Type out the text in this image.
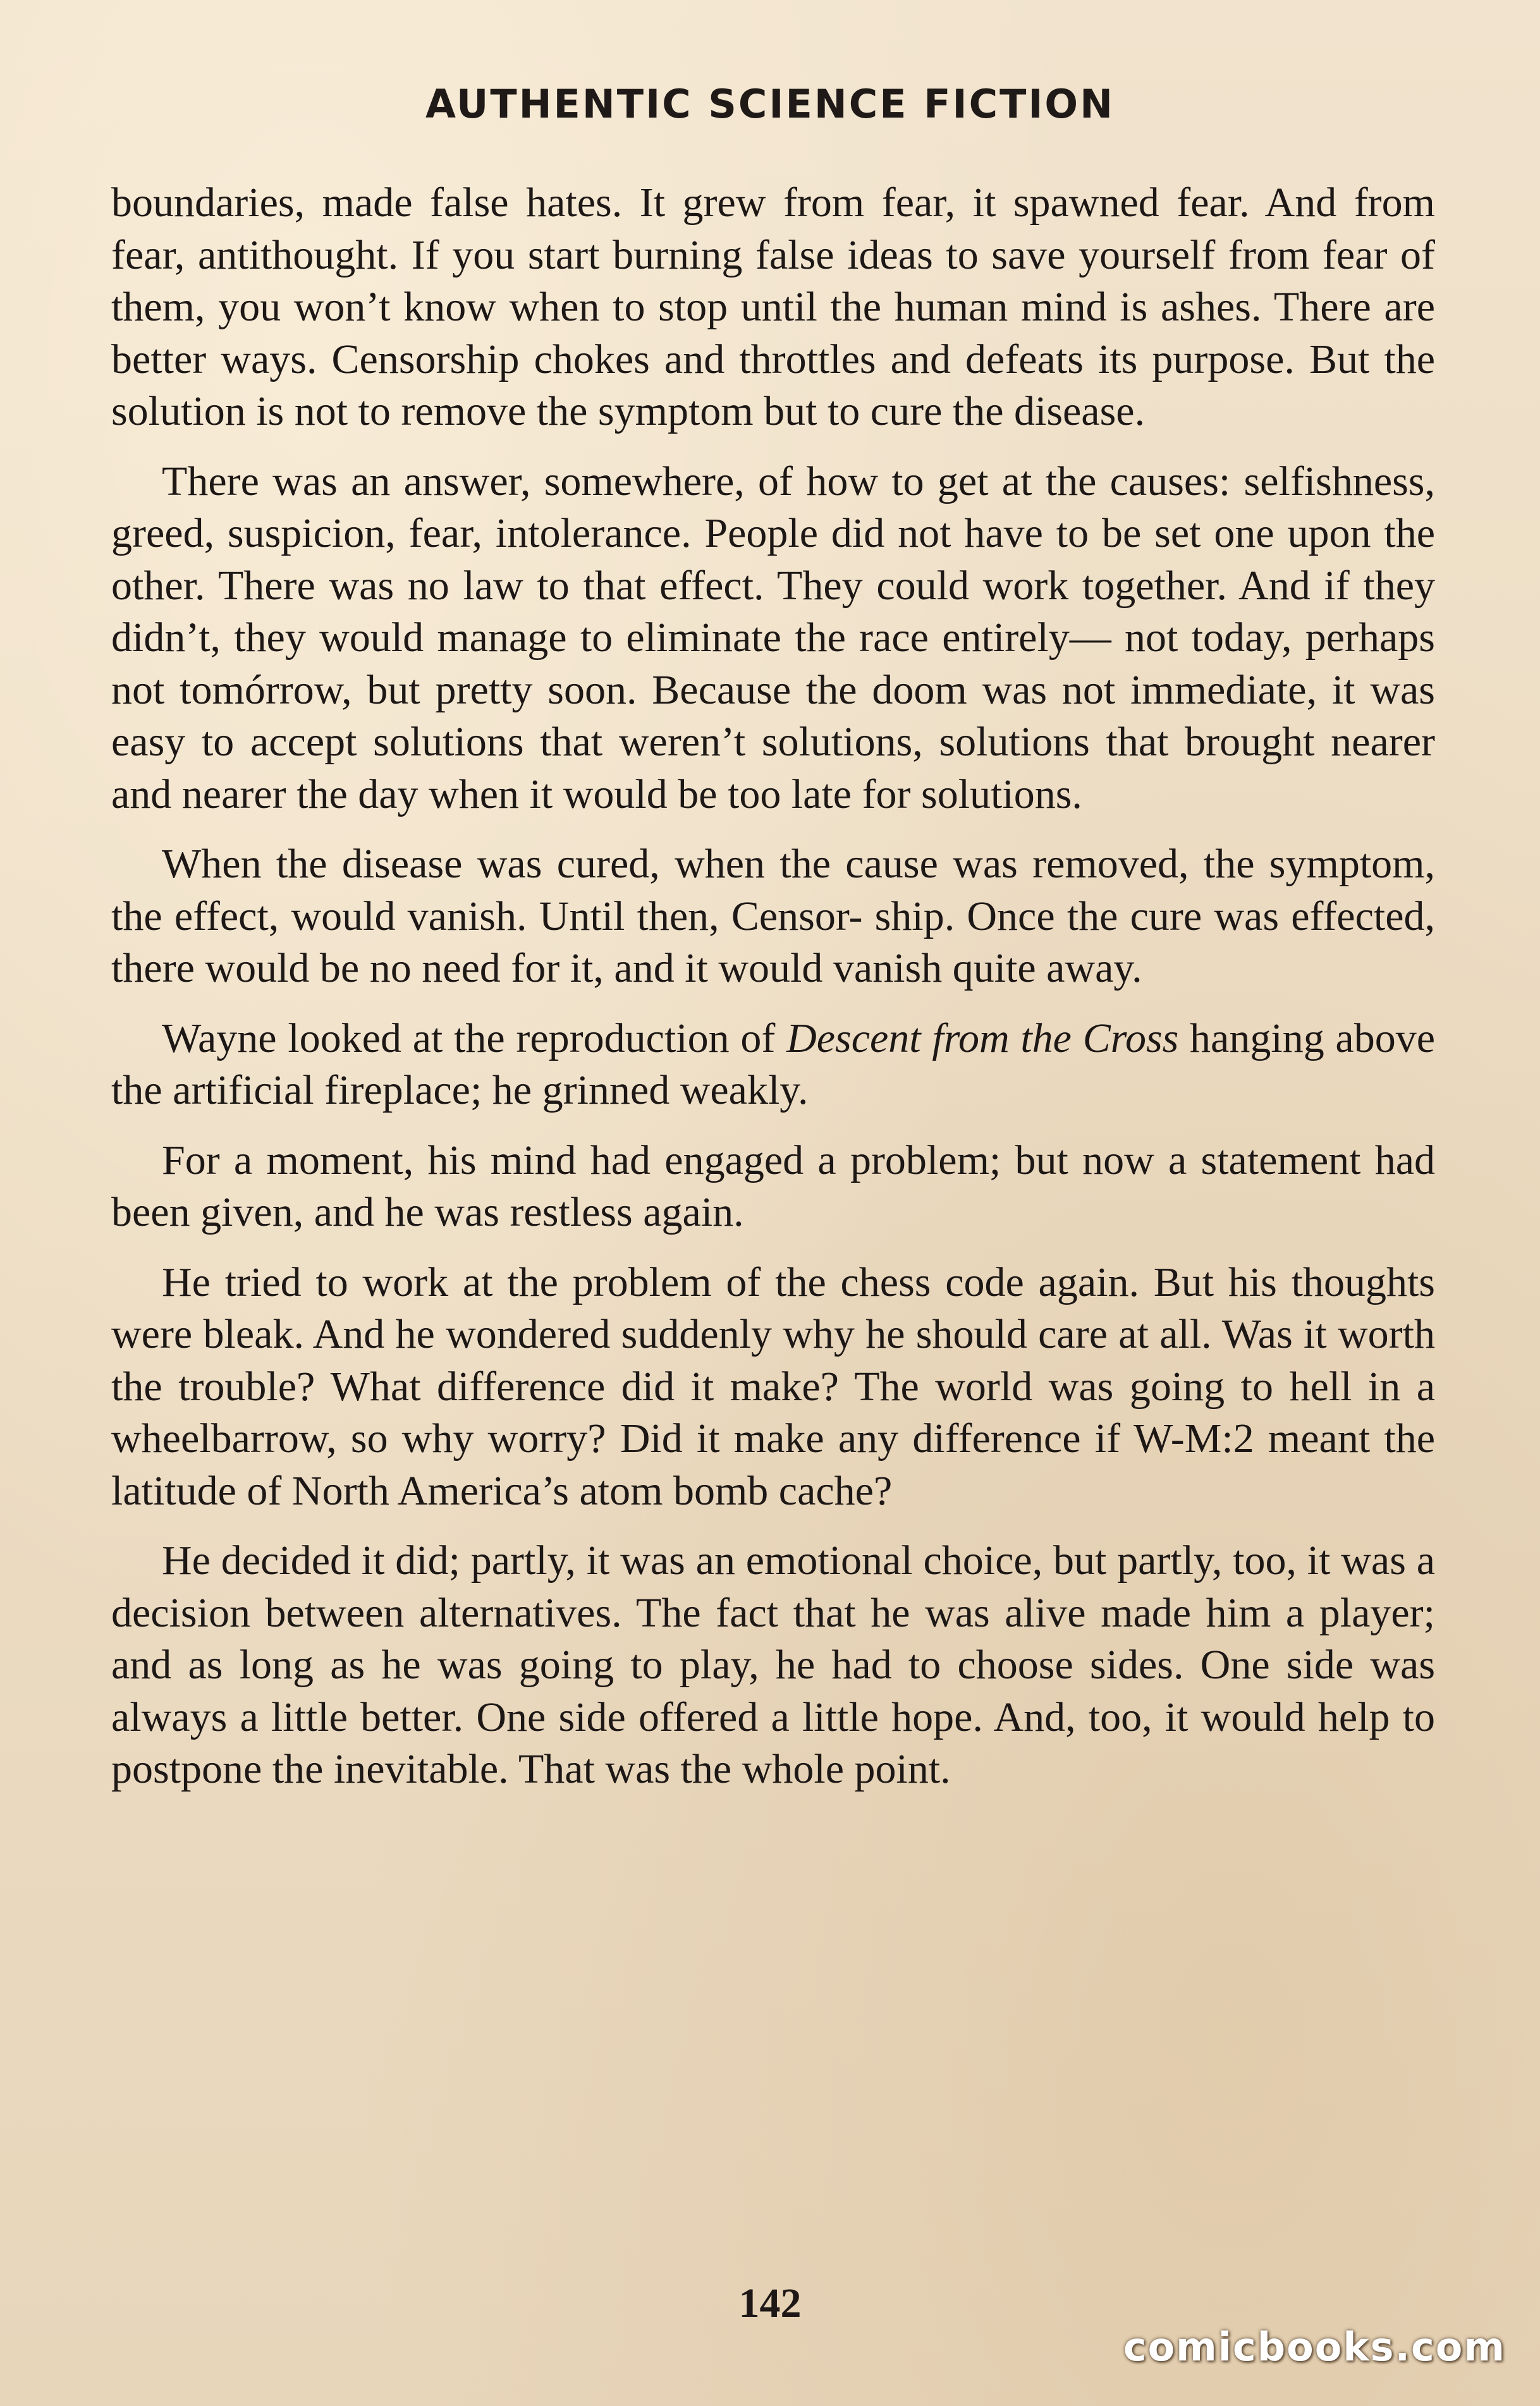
AUTHENTIC SCIENCE FICTION

boundaries, made false hates. It grew from fear, it spawned fear. And from fear, antithought. If you start burning false ideas to save yourself from fear of them, you won’t know when to stop until the human mind is ashes. There are better ways. Censorship chokes and throttles and defeats its purpose. But the solution is not to remove the symptom but to cure the disease.

There was an answer, somewhere, of how to get at the causes: selfishness, greed, suspicion, fear, intolerance. People did not have to be set one upon the other. There was no law to that effect. They could work together. And if they didn’t, they would manage to eliminate the race entirely— not today, perhaps not tomórrow, but pretty soon. Because the doom was not immediate, it was easy to accept solutions that weren’t solutions, solutions that brought nearer and nearer the day when it would be too late for solutions.

When the disease was cured, when the cause was removed, the symptom, the effect, would vanish. Until then, Censor- ship. Once the cure was effected, there would be no need for it, and it would vanish quite away.

Wayne looked at the reproduction of Descent from the Cross hanging above the artificial fireplace; he grinned weakly.

For a moment, his mind had engaged a problem; but now a statement had been given, and he was restless again.

He tried to work at the problem of the chess code again. But his thoughts were bleak. And he wondered suddenly why he should care at all. Was it worth the trouble? What difference did it make? The world was going to hell in a wheelbarrow, so why worry? Did it make any difference if W-M:2 meant the latitude of North America’s atom bomb cache?

He decided it did; partly, it was an emotional choice, but partly, too, it was a decision between alternatives. The fact that he was alive made him a player; and as long as he was going to play, he had to choose sides. One side was always a little better. One side offered a little hope. And, too, it would help to postpone the inevitable. That was the whole point.

142
comicbooks.com
